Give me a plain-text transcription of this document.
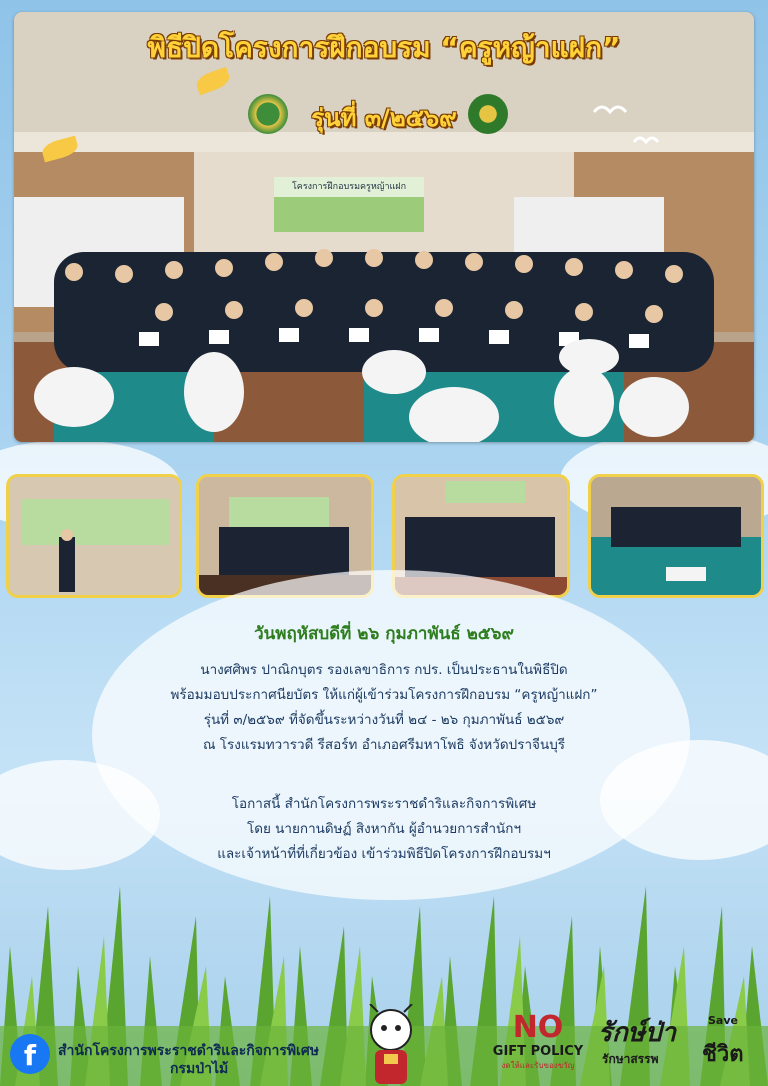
พิธีปิดโครงการฝึกอบรม “ครูหญ้าแฝก”
รุ่นที่ ๓/๒๕๖๙
โครงการฝึกอบรมครูหญ้าแฝก
วันพฤหัสบดีที่ ๒๖ กุมภาพันธ์ ๒๕๖๙
นางศศิพร ปาณิกบุตร รองเลขาธิการ กปร. เป็นประธานในพิธีปิด
พร้อมมอบประกาศนียบัตร ให้แก่ผู้เข้าร่วมโครงการฝึกอบรม “ครูหญ้าแฝก”
รุ่นที่ ๓/๒๕๖๙ ที่จัดขึ้นระหว่างวันที่ ๒๔ - ๒๖ กุมภาพันธ์ ๒๕๖๙
ณ โรงแรมทวารวดี รีสอร์ท อำเภอศรีมหาโพธิ จังหวัดปราจีนบุรี
โอกาสนี้ สำนักโครงการพระราชดำริและกิจการพิเศษ
โดย นายกานดิษฏ์ สิงหากัน ผู้อำนวยการสำนักฯ
และเจ้าหน้าที่ที่เกี่ยวข้อง เข้าร่วมพิธีปิดโครงการฝึกอบรมฯ
f	สำนักโครงการพระราชดำริและกิจการพิเศษ
กรมป่าไม้
NO
GIFT POLICY
งดให้และรับของขวัญ
รักษ์ป่า	Save
รักษาสรรพ ชีวิต
